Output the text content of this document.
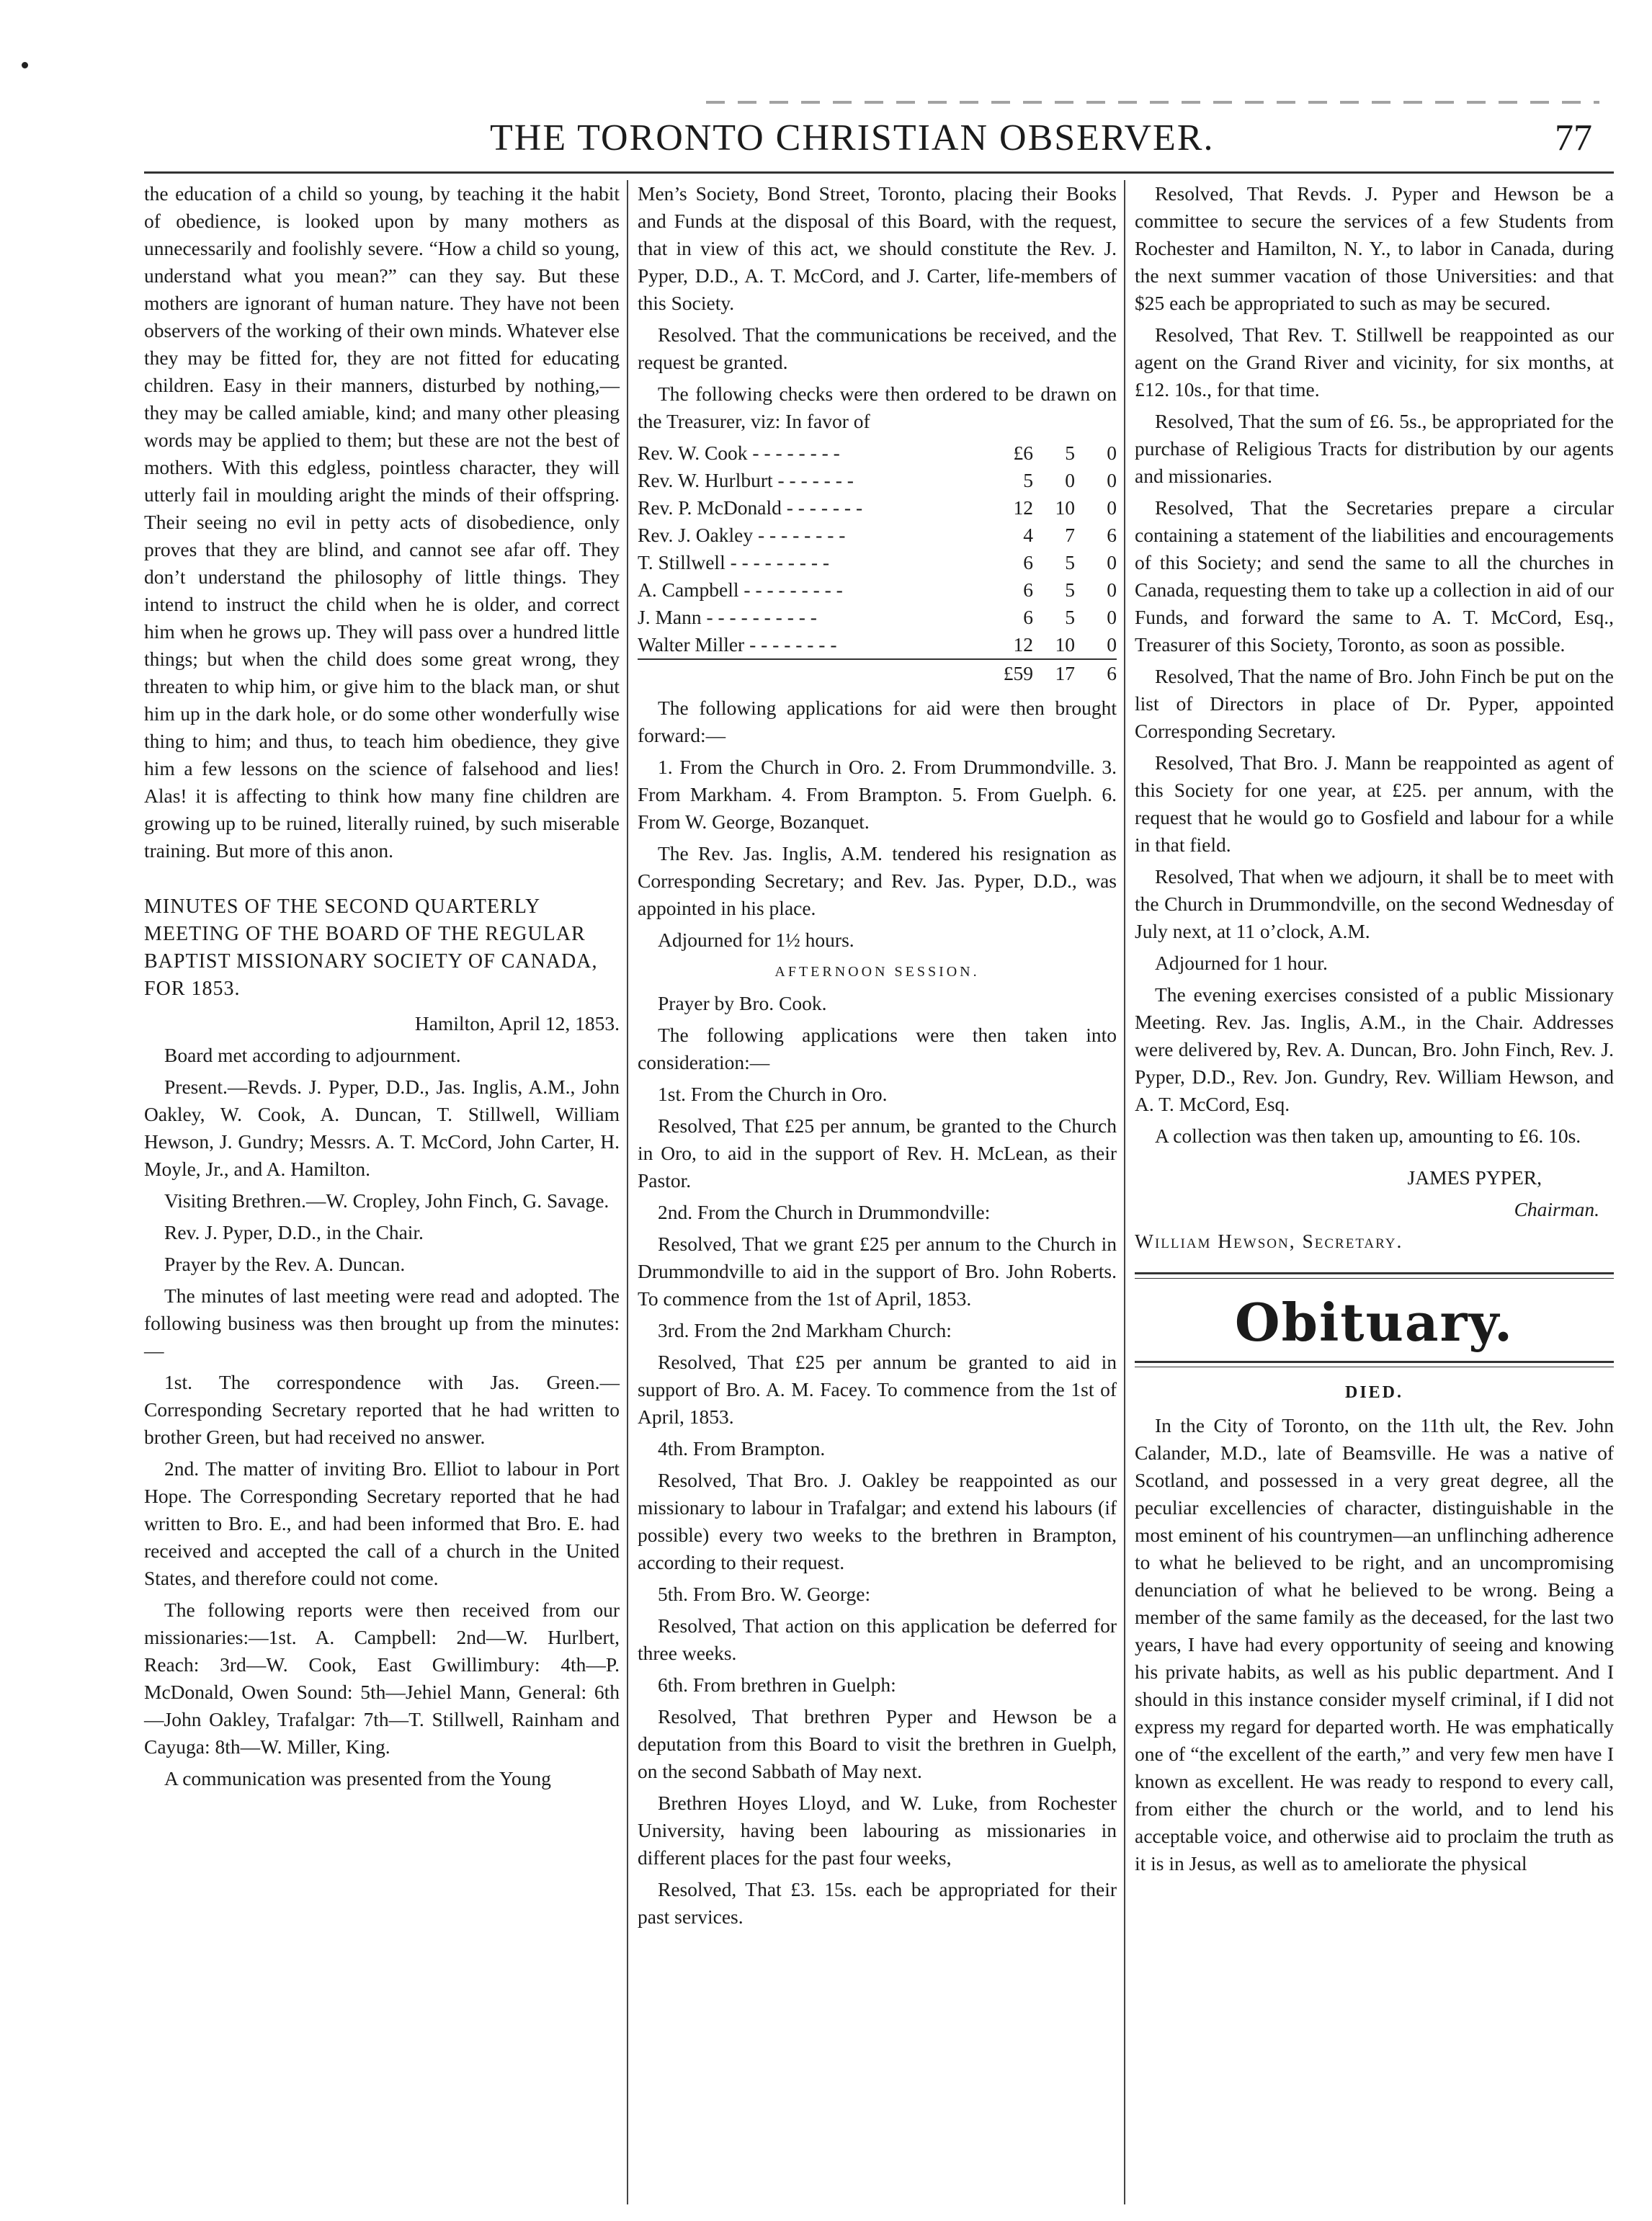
THE TORONTO CHRISTIAN OBSERVER.	77

the education of a child so young, by teaching it the habit of obedience, is looked upon by many mothers as unnecessarily and foolishly severe. “How a child so young, understand what you mean?” can they say. But these mothers are ignorant of human nature. They have not been observers of the working of their own minds. Whatever else they may be fitted for, they are not fitted for educating children. Easy in their manners, disturbed by nothing,—they may be called amiable, kind; and many other pleasing words may be applied to them; but these are not the best of mothers. With this edgless, pointless character, they will utterly fail in moulding aright the minds of their offspring. Their seeing no evil in petty acts of disobedience, only proves that they are blind, and cannot see afar off. They don’t understand the philosophy of little things. They intend to instruct the child when he is older, and correct him when he grows up. They will pass over a hundred little things; but when the child does some great wrong, they threaten to whip him, or give him to the black man, or shut him up in the dark hole, or do some other wonderfully wise thing to him; and thus, to teach him obedience, they give him a few lessons on the science of falsehood and lies! Alas! it is affecting to think how many fine children are growing up to be ruined, literally ruined, by such miserable training. But more of this anon.

MINUTES OF THE SECOND QUARTERLY MEETING OF THE BOARD OF THE REGULAR BAPTIST MISSIONARY SOCIETY OF CANADA, FOR 1853.

Hamilton, April 12, 1853.

Board met according to adjournment.

Present.—Revds. J. Pyper, D.D., Jas. Inglis, A.M., John Oakley, W. Cook, A. Duncan, T. Stillwell, William Hewson, J. Gundry; Messrs. A. T. McCord, John Carter, H. Moyle, Jr., and A. Hamilton.

Visiting Brethren.—W. Cropley, John Finch, G. Savage.

Rev. J. Pyper, D.D., in the Chair.

Prayer by the Rev. A. Duncan.

The minutes of last meeting were read and adopted. The following business was then brought up from the minutes:—

1st. The correspondence with Jas. Green.—Corresponding Secretary reported that he had written to brother Green, but had received no answer.

2nd. The matter of inviting Bro. Elliot to labour in Port Hope. The Corresponding Secretary reported that he had written to Bro. E., and had been informed that Bro. E. had received and accepted the call of a church in the United States, and therefore could not come.

The following reports were then received from our missionaries:—1st. A. Campbell: 2nd—W. Hurlbert, Reach: 3rd—W. Cook, East Gwillimbury: 4th—P. McDonald, Owen Sound: 5th—Jehiel Mann, General: 6th—John Oakley, Trafalgar: 7th—T. Stillwell, Rainham and Cayuga: 8th—W. Miller, King.

A communication was presented from the Young

Men’s Society, Bond Street, Toronto, placing their Books and Funds at the disposal of this Board, with the request, that in view of this act, we should constitute the Rev. J. Pyper, D.D., A. T. McCord, and J. Carter, life-members of this Society.

Resolved. That the communications be received, and the request be granted.

The following checks were then ordered to be drawn on the Treasurer, viz: In favor of

Rev. W. Cook - - - - - - - -	£6	5	0
Rev. W. Hurlburt - - - - - - -	5	0	0
Rev. P. McDonald - - - - - - -	12	10	0
Rev. J. Oakley - - - - - - - -	4	7	6
T. Stillwell - - - - - - - - -	6	5	0
A. Campbell - - - - - - - - -	6	5	0
J. Mann - - - - - - - - - -	6	5	0
Walter Miller - - - - - - - -	12	10	0
	£59	17	6

The following applications for aid were then brought forward:—

1. From the Church in Oro. 2. From Drummondville. 3. From Markham. 4. From Brampton. 5. From Guelph. 6. From W. George, Bozanquet.

The Rev. Jas. Inglis, A.M. tendered his resignation as Corresponding Secretary; and Rev. Jas. Pyper, D.D., was appointed in his place.

Adjourned for 1½ hours.

AFTERNOON SESSION.

Prayer by Bro. Cook.

The following applications were then taken into consideration:—

1st. From the Church in Oro.

Resolved, That £25 per annum, be granted to the Church in Oro, to aid in the support of Rev. H. McLean, as their Pastor.

2nd. From the Church in Drummondville:

Resolved, That we grant £25 per annum to the Church in Drummondville to aid in the support of Bro. John Roberts. To commence from the 1st of April, 1853.

3rd. From the 2nd Markham Church:

Resolved, That £25 per annum be granted to aid in support of Bro. A. M. Facey. To commence from the 1st of April, 1853.

4th. From Brampton.

Resolved, That Bro. J. Oakley be reappointed as our missionary to labour in Trafalgar; and extend his labours (if possible) every two weeks to the brethren in Brampton, according to their request.

5th. From Bro. W. George:

Resolved, That action on this application be deferred for three weeks.

6th. From brethren in Guelph:

Resolved, That brethren Pyper and Hewson be a deputation from this Board to visit the brethren in Guelph, on the second Sabbath of May next.

Brethren Hoyes Lloyd, and W. Luke, from Rochester University, having been labouring as missionaries in different places for the past four weeks,

Resolved, That £3. 15s. each be appropriated for their past services.

Resolved, That Revds. J. Pyper and Hewson be a committee to secure the services of a few Students from Rochester and Hamilton, N. Y., to labor in Canada, during the next summer vacation of those Universities: and that $25 each be appropriated to such as may be secured.

Resolved, That Rev. T. Stillwell be reappointed as our agent on the Grand River and vicinity, for six months, at £12. 10s., for that time.

Resolved, That the sum of £6. 5s., be appropriated for the purchase of Religious Tracts for distribution by our agents and missionaries.

Resolved, That the Secretaries prepare a circular containing a statement of the liabilities and encouragements of this Society; and send the same to all the churches in Canada, requesting them to take up a collection in aid of our Funds, and forward the same to A. T. McCord, Esq., Treasurer of this Society, Toronto, as soon as possible.

Resolved, That the name of Bro. John Finch be put on the list of Directors in place of Dr. Pyper, appointed Corresponding Secretary.

Resolved, That Bro. J. Mann be reappointed as agent of this Society for one year, at £25. per annum, with the request that he would go to Gosfield and labour for a while in that field.

Resolved, That when we adjourn, it shall be to meet with the Church in Drummondville, on the second Wednesday of July next, at 11 o’clock, A.M.

Adjourned for 1 hour.

The evening exercises consisted of a public Missionary Meeting. Rev. Jas. Inglis, A.M., in the Chair. Addresses were delivered by, Rev. A. Duncan, Bro. John Finch, Rev. J. Pyper, D.D., Rev. Jon. Gundry, Rev. William Hewson, and A. T. McCord, Esq.

A collection was then taken up, amounting to £6. 10s.

JAMES PYPER,

Chairman.

William Hewson, Secretary.

Obituary.
DIED.

In the City of Toronto, on the 11th ult, the Rev. John Calander, M.D., late of Beamsville. He was a native of Scotland, and possessed in a very great degree, all the peculiar excellencies of character, distinguishable in the most eminent of his countrymen—an unflinching adherence to what he believed to be right, and an uncompromising denunciation of what he believed to be wrong. Being a member of the same family as the deceased, for the last two years, I have had every opportunity of seeing and knowing his private habits, as well as his public department. And I should in this instance consider myself criminal, if I did not express my regard for departed worth. He was emphatically one of “the excellent of the earth,” and very few men have I known as excellent. He was ready to respond to every call, from either the church or the world, and to lend his acceptable voice, and otherwise aid to proclaim the truth as it is in Jesus, as well as to ameliorate the physical
